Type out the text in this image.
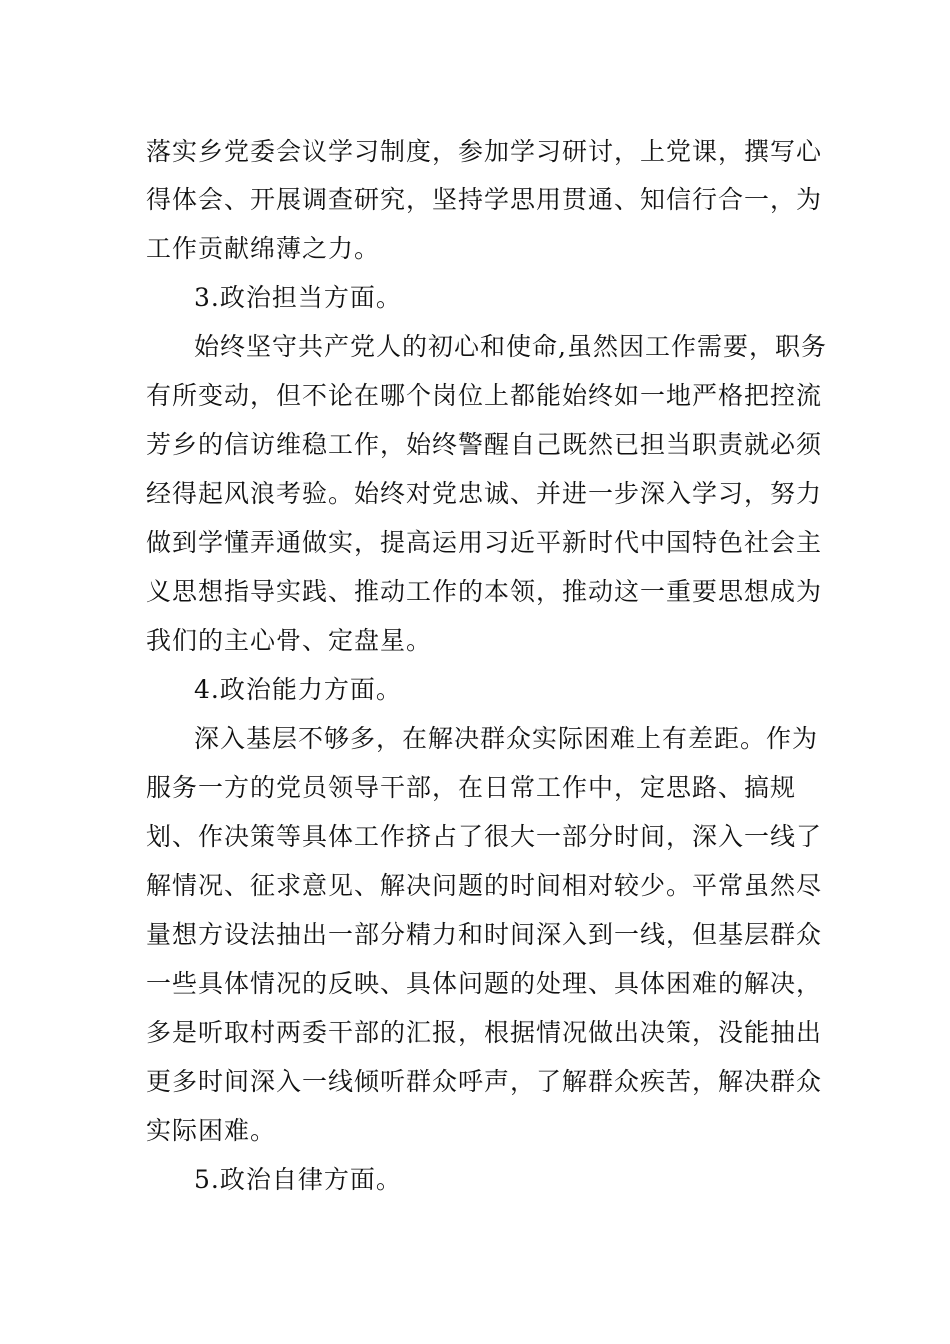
落实乡党委会议学习制度，参加学习研讨，上党课，撰写心
得体会、开展调查研究，坚持学思用贯通、知信行合一，为
工作贡献绵薄之力。
3.政治担当方面。
始终坚守共产党人的初心和使命,虽然因工作需要，职务
有所变动，但不论在哪个岗位上都能始终如一地严格把控流
芳乡的信访维稳工作，始终警醒自己既然已担当职责就必须
经得起风浪考验。始终对党忠诚、并进一步深入学习，努力
做到学懂弄通做实，提高运用习近平新时代中国特色社会主
义思想指导实践、推动工作的本领，推动这一重要思想成为
我们的主心骨、定盘星。
4.政治能力方面。
深入基层不够多，在解决群众实际困难上有差距。作为
服务一方的党员领导干部，在日常工作中，定思路、搞规
划、作决策等具体工作挤占了很大一部分时间，深入一线了
解情况、征求意见、解决问题的时间相对较少。平常虽然尽
量想方设法抽出一部分精力和时间深入到一线，但基层群众
一些具体情况的反映、具体问题的处理、具体困难的解决，
多是听取村两委干部的汇报，根据情况做出决策，没能抽出
更多时间深入一线倾听群众呼声，了解群众疾苦，解决群众
实际困难。
5.政治自律方面。
